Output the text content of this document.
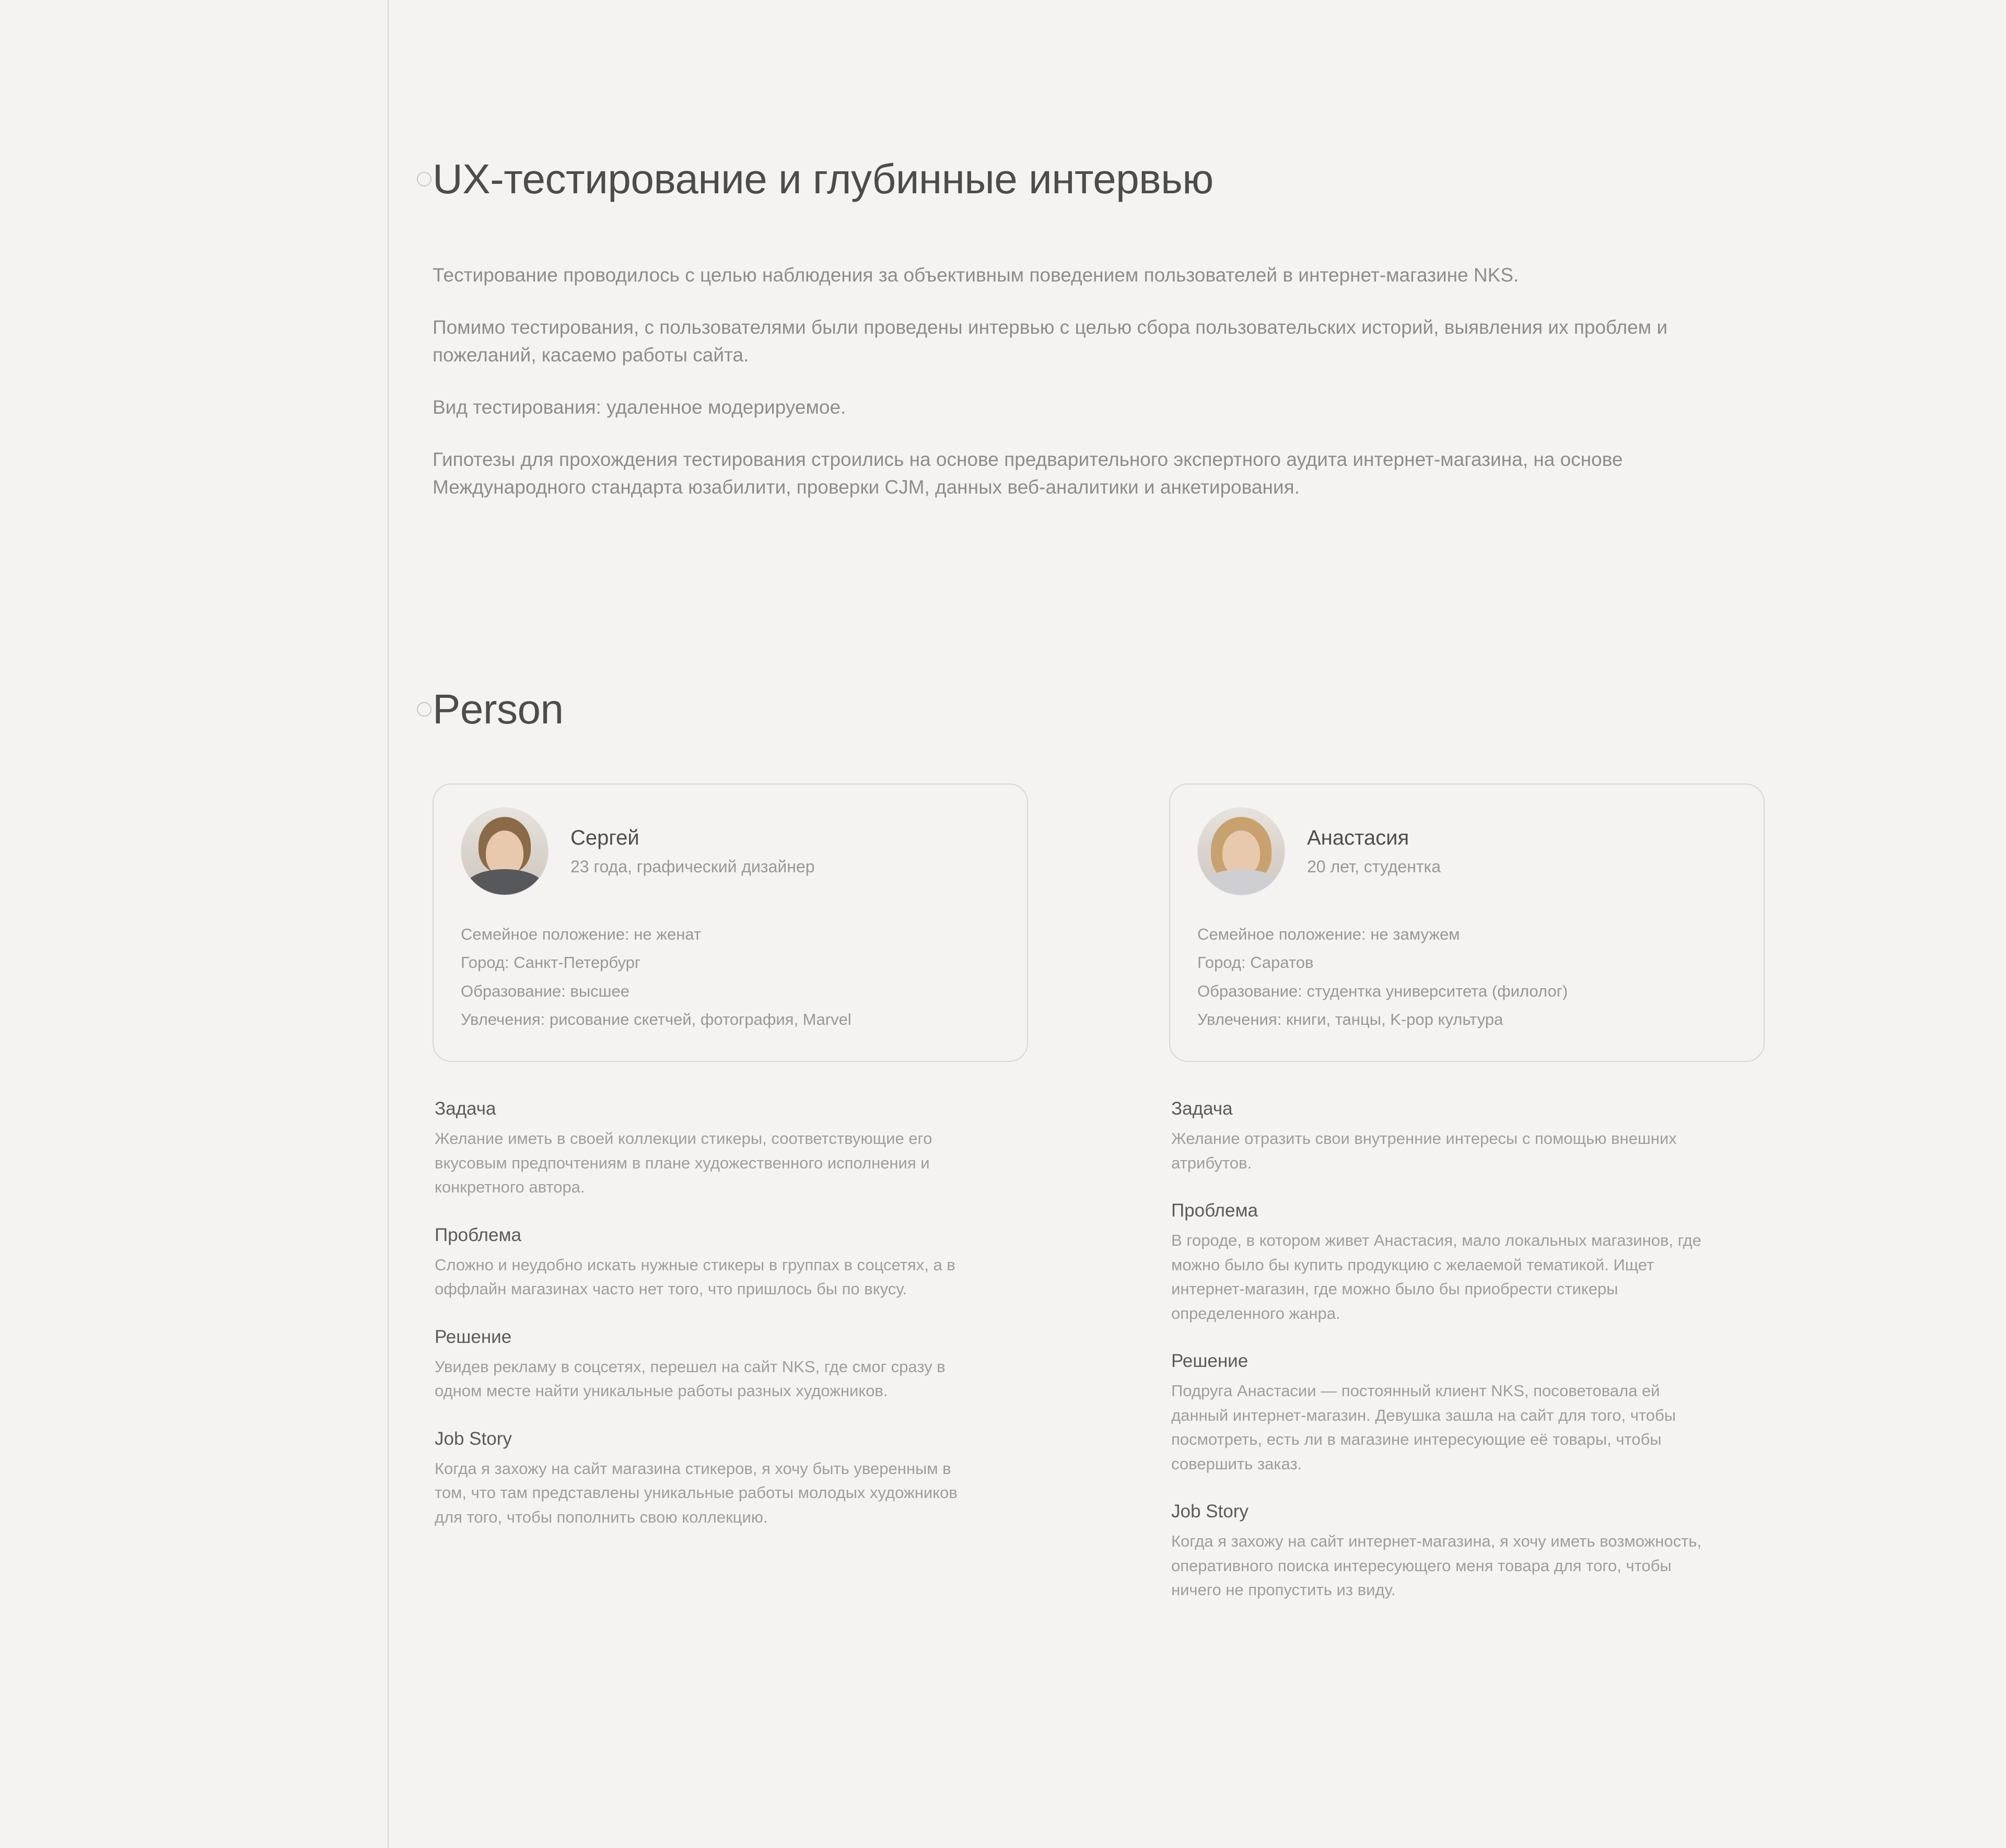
UX-тестирование и глубинные интервью

Тестирование проводилось с целью наблюдения за объективным поведением пользователей в интернет-магазине NKS.

Помимо тестирования, с пользователями были проведены интервью с целью сбора пользовательских историй, выявления их проблем и пожеланий, касаемо работы сайта.

Вид тестирования: удаленное модерируемое.

Гипотезы для прохождения тестирования строились на основе предварительного экспертного аудита интернет-магазина, на основе Международного стандарта юзабилити, проверки CJM, данных веб-аналитики и анкетирования.

Person

Сергей

23 года, графический дизайнер

Семейное положение: не женат
Город: Санкт-Петербург
Образование: высшее
Увлечения: рисование скетчей, фотография, Marvel

Задача

Желание иметь в своей коллекции стикеры, соответствующие его вкусовым предпочтениям в плане художественного исполнения и конкретного автора.

Проблема

Сложно и неудобно искать нужные стикеры в группах в соцсетях, а в оффлайн магазинах часто нет того, что пришлось бы по вкусу.

Решение

Увидев рекламу в соцсетях, перешел на сайт NKS, где смог сразу в одном месте найти уникальные работы разных художников.

Job Story

Когда я захожу на сайт магазина стикеров, я хочу быть уверенным в том, что там представлены уникальные работы молодых художников для того, чтобы пополнить свою коллекцию.

Анастасия

20 лет, студентка

Семейное положение: не замужем
Город: Саратов
Образование: студентка университета (филолог)
Увлечения: книги, танцы, K-pop культура

Задача

Желание отразить свои внутренние интересы с помощью внешних атрибутов.

Проблема

В городе, в котором живет Анастасия, мало локальных магазинов, где можно было бы купить продукцию с желаемой тематикой. Ищет интернет-магазин, где можно было бы приобрести стикеры определенного жанра.

Решение

Подруга Анастасии — постоянный клиент NKS, посоветовала ей данный интернет-магазин. Девушка зашла на сайт для того, чтобы посмотреть, есть ли в магазине интересующие её товары, чтобы совершить заказ.

Job Story

Когда я захожу на сайт интернет-магазина, я хочу иметь возможность, оперативного поиска интересующего меня товара для того, чтобы ничего не пропустить из виду.
